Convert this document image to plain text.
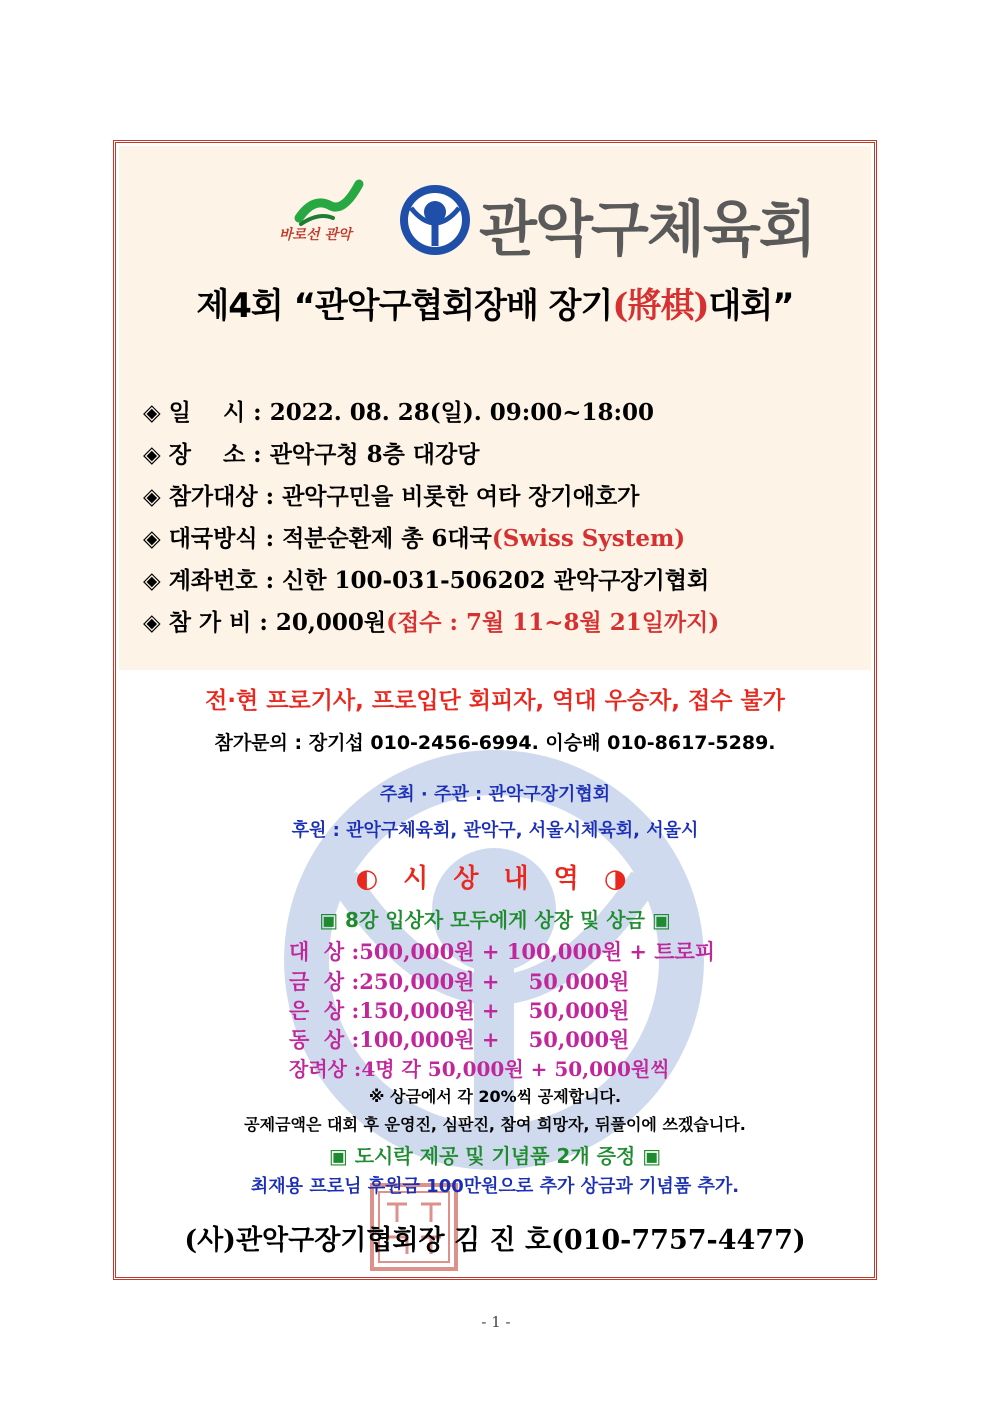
바로선 관악 관악구체육회
제4회 “관악구협회장배 장기(將棋)대회”
◈ 일    시 : 2022. 08. 28(일). 09:00~18:00
◈ 장    소 : 관악구청 8층 대강당
◈ 참가대상 : 관악구민을 비롯한 여타 장기애호가
◈ 대국방식 : 적분순환제 총 6대국(Swiss System)
◈ 계좌번호 : 신한 100-031-506202 관악구장기협회
◈ 참 가 비 : 20,000원(접수 : 7월 11~8월 21일까지)
전·현 프로기사, 프로입단 회피자, 역대 우승자, 접수 불가
참가문의 : 장기섭 010-2456-6994. 이승배 010-8617-5289.
주최 · 주관 : 관악구장기협회
후원 : 관악구체육회, 관악구, 서울시체육회, 서울시
◐ 시 상 내 역 ◑
▣ 8강 입상자 모두에게 상장 및 상금 ▣
대  상 :500,000원 + 100,000원 + 트로피
금  상 :250,000원 +    50,000원
은  상 :150,000원 +    50,000원
동  상 :100,000원 +    50,000원
장려상 :4명 각 50,000원 + 50,000원씩
※ 상금에서 각 20%씩 공제합니다.
공제금액은 대회 후 운영진, 심판진, 참여 희망자, 뒤풀이에 쓰겠습니다.
▣ 도시락 제공 및 기념품 2개 증정 ▣
최재용 프로님 후원금 100만원으로 추가 상금과 기념품 추가.
(사)관악구장기협회장 김 진 호(010-7757-4477)
- 1 -
